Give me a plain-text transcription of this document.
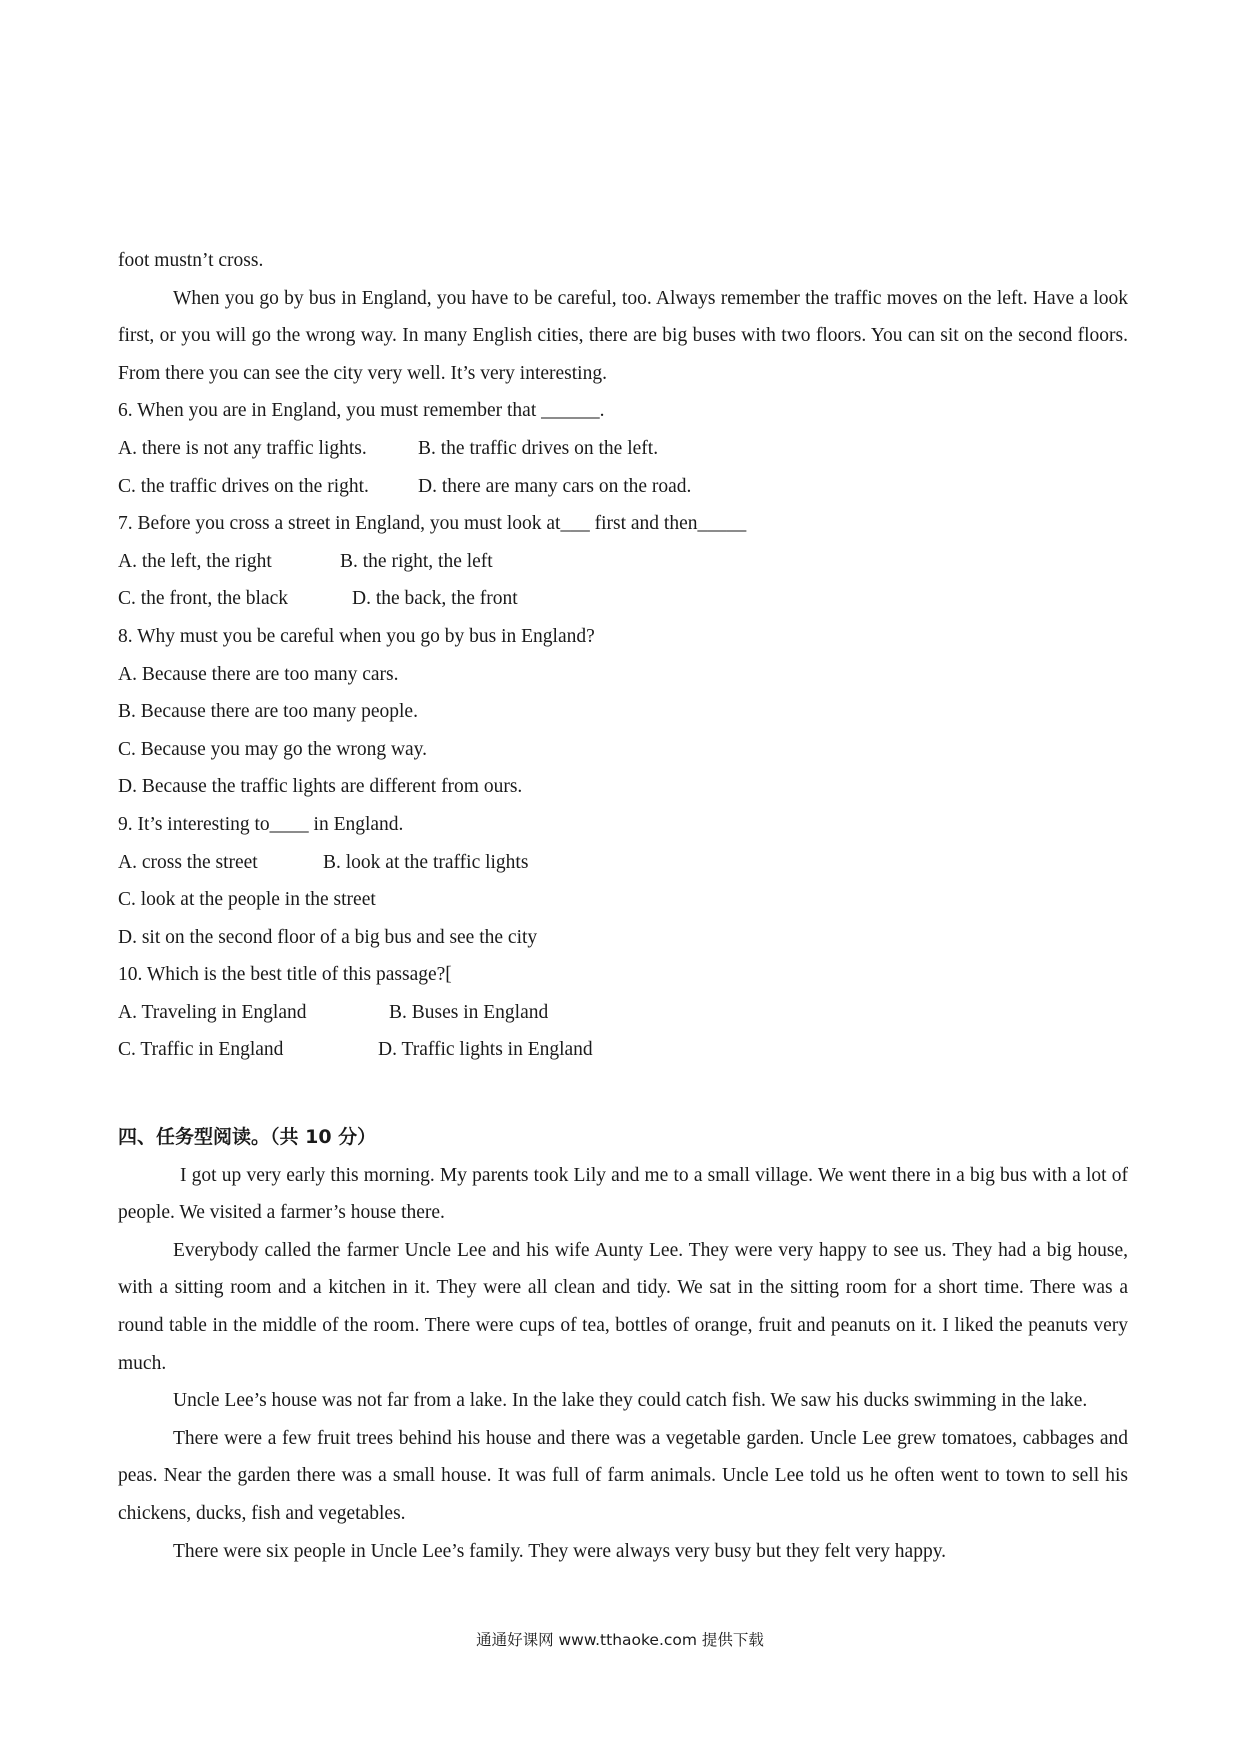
foot mustn’t cross.

When you go by bus in England, you have to be careful, too. Always remember the traffic moves on the left. Have a look first, or you will go the wrong way. In many English cities, there are big buses with two floors. You can sit on the second floors. From there you can see the city very well. It’s very interesting.

6. When you are in England, you must remember that ______.
A. there is not any traffic lights.	B. the traffic drives on the left.
C. the traffic drives on the right.	D. there are many cars on the road.
7. Before you cross a street in England, you must look at___ first and then_____
A. the left, the right	B. the right, the left
C. the front, the black	D. the back, the front
8. Why must you be careful when you go by bus in England?
A. Because there are too many cars.
B. Because there are too many people.
C. Because you may go the wrong way.
D. Because the traffic lights are different from ours.
9. It’s interesting to____ in England.
A. cross the street	B. look at the traffic lights
C. look at the people in the street
D. sit on the second floor of a big bus and see the city
10. Which is the best title of this passage?[
A. Traveling in England	B. Buses in England
C. Traffic in England	D. Traffic lights in England
四、任务型阅读。（共 10 分）

I got up very early this morning. My parents took Lily and me to a small village. We went there in a big bus with a lot of people. We visited a farmer’s house there.

Everybody called the farmer Uncle Lee and his wife Aunty Lee. They were very happy to see us. They had a big house, with a sitting room and a kitchen in it. They were all clean and tidy. We sat in the sitting room for a short time. There was a round table in the middle of the room. There were cups of tea, bottles of orange, fruit and peanuts on it. I liked the peanuts very much.

Uncle Lee’s house was not far from a lake. In the lake they could catch fish. We saw his ducks swimming in the lake.

There were a few fruit trees behind his house and there was a vegetable garden. Uncle Lee grew tomatoes, cabbages and peas. Near the garden there was a small house. It was full of farm animals. Uncle Lee told us he often went to town to sell his chickens, ducks, fish and vegetables.

There were six people in Uncle Lee’s family. They were always very busy but they felt very happy.

通通好课网 www.tthaoke.com 提供下载
